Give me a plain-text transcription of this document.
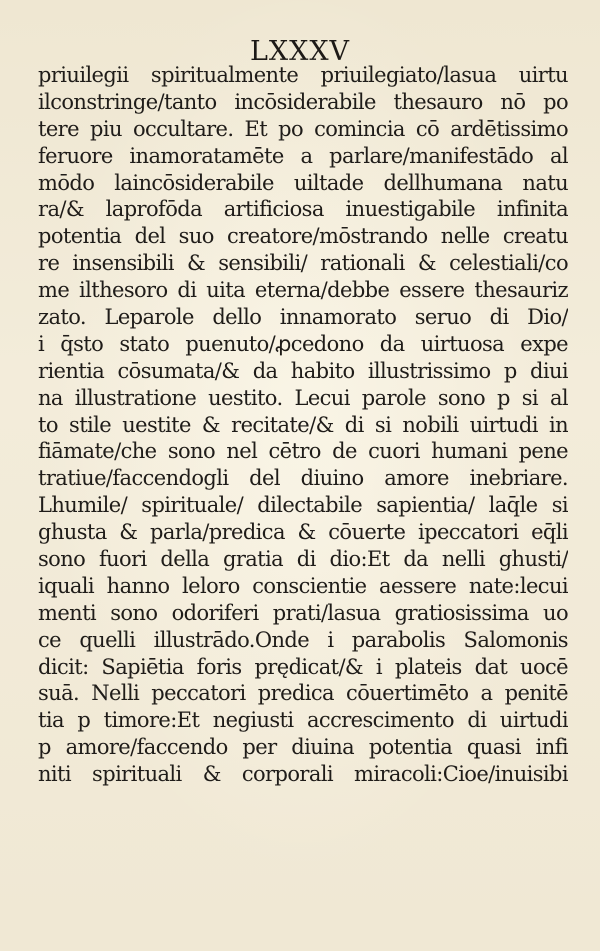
LXXXV
priuilegii spiritualmente priuilegiato/lasua uirtu
ilconstringe/tanto incōsiderabile thesauro nō po
tere piu occultare. Et po comincia cō ardētissimo
feruore inamoratamēte a parlare/manifestādo al
mōdo laincōsiderabile uiltade dellhumana natu
ra/& laprofōda artificiosa inuestigabile infinita
potentia del suo creatore/mōstrando nelle creatu
re insensibili & sensibili/ rationali & celestiali/co
me ilthesoro di uita eterna/debbe essere thesauriz
zato. Leparole dello innamorato seruo di Dio/
i q̄sto stato puenuto/ꝓcedono da uirtuosa expe
rientia cōsumata/& da habito illustrissimo p diui
na illustratione uestito. Lecui parole sono p si al
to stile uestite & recitate/& di si nobili uirtudi in
fiāmate/che sono nel cētro de cuori humani pene
tratiue/faccendogli del diuino amore inebriare.
Lhumile/ spirituale/ dilectabile sapientia/ laq̄le si
ghusta & parla/predica & cōuerte ipeccatori eq̄li
sono fuori della gratia di dio:Et da nelli ghusti/
iquali hanno leloro conscientie aessere nate:lecui
menti sono odoriferi prati/lasua gratiosissima uo
ce quelli illustrādo.Onde i parabolis Salomonis
dicit: Sapiētia foris prędicat/& i plateis dat uocē
suā. Nelli peccatori predica cōuertimēto a penitē
tia p timore:Et negiusti accrescimento di uirtudi
p amore/faccendo per diuina potentia quasi infi
niti spirituali & corporali miracoli:Cioe/inuisibi
